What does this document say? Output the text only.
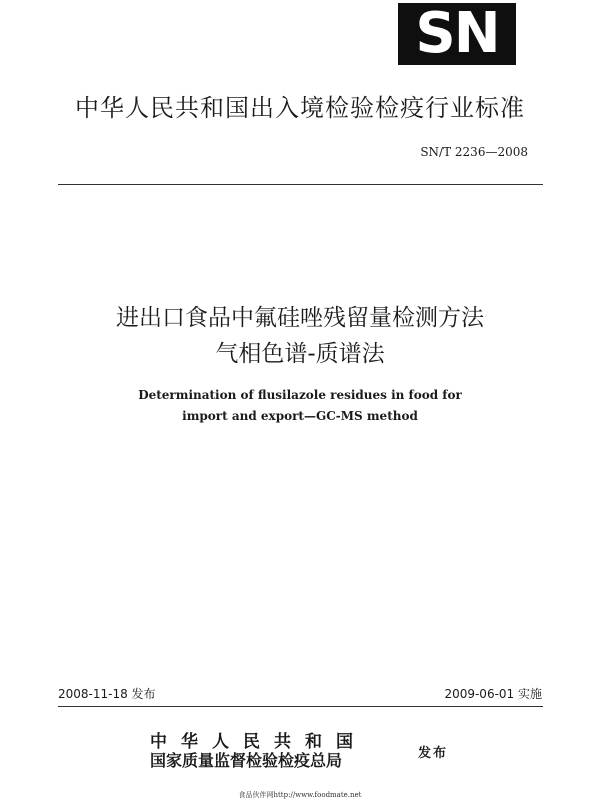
SN
中华人民共和国出入境检验检疫行业标准
SN/T 2236—2008
进出口食品中氟硅唑残留量检测方法
气相色谱-质谱法
Determination of flusilazole residues in food for
import and export—GC-MS method
2008-11-18 发布	2009-06-01 实施
中华人民共和国
国家质量监督检验检疫总局	发布
食品伙伴网http://www.foodmate.net
